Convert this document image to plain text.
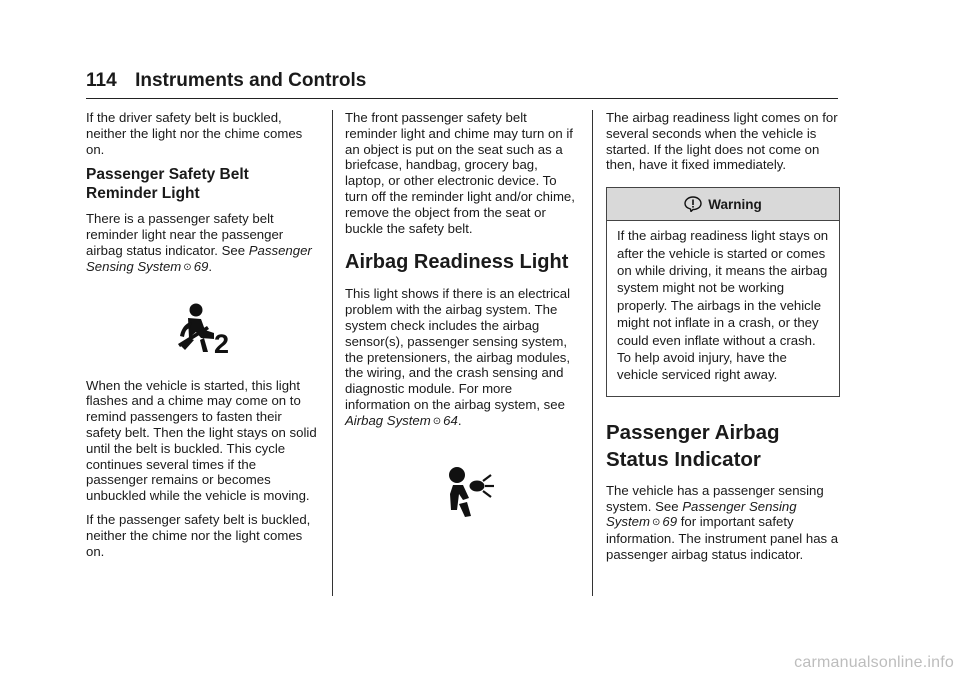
114 Instruments and Controls

If the driver safety belt is buckled, neither the light nor the chime comes on.

Passenger Safety Belt Reminder Light

There is a passenger safety belt reminder light near the passenger airbag status indicator. See Passenger Sensing System ⊙ 69.

2

When the vehicle is started, this light flashes and a chime may come on to remind passengers to fasten their safety belt. Then the light stays on solid until the belt is buckled. This cycle continues several times if the passenger remains or becomes unbuckled while the vehicle is moving.

If the passenger safety belt is buckled, neither the chime nor the light comes on.

The front passenger safety belt reminder light and chime may turn on if an object is put on the seat such as a briefcase, handbag, grocery bag, laptop, or other electronic device. To turn off the reminder light and/or chime, remove the object from the seat or buckle the safety belt.

Airbag Readiness Light

This light shows if there is an electrical problem with the airbag system. The system check includes the airbag sensor(s), passenger sensing system, the pretensioners, the airbag modules, the wiring, and the crash sensing and diagnostic module. For more information on the airbag system, see Airbag System ⊙ 64.

The airbag readiness light comes on for several seconds when the vehicle is started. If the light does not come on then, have it fixed immediately.

Warning

If the airbag readiness light stays on after the vehicle is started or comes on while driving, it means the airbag system might not be working properly. The airbags in the vehicle might not inflate in a crash, or they could even inflate without a crash. To help avoid injury, have the vehicle serviced right away.

Passenger Airbag Status Indicator

The vehicle has a passenger sensing system. See Passenger Sensing System ⊙ 69 for important safety information. The instrument panel has a passenger airbag status indicator.

carmanualsonline.info
